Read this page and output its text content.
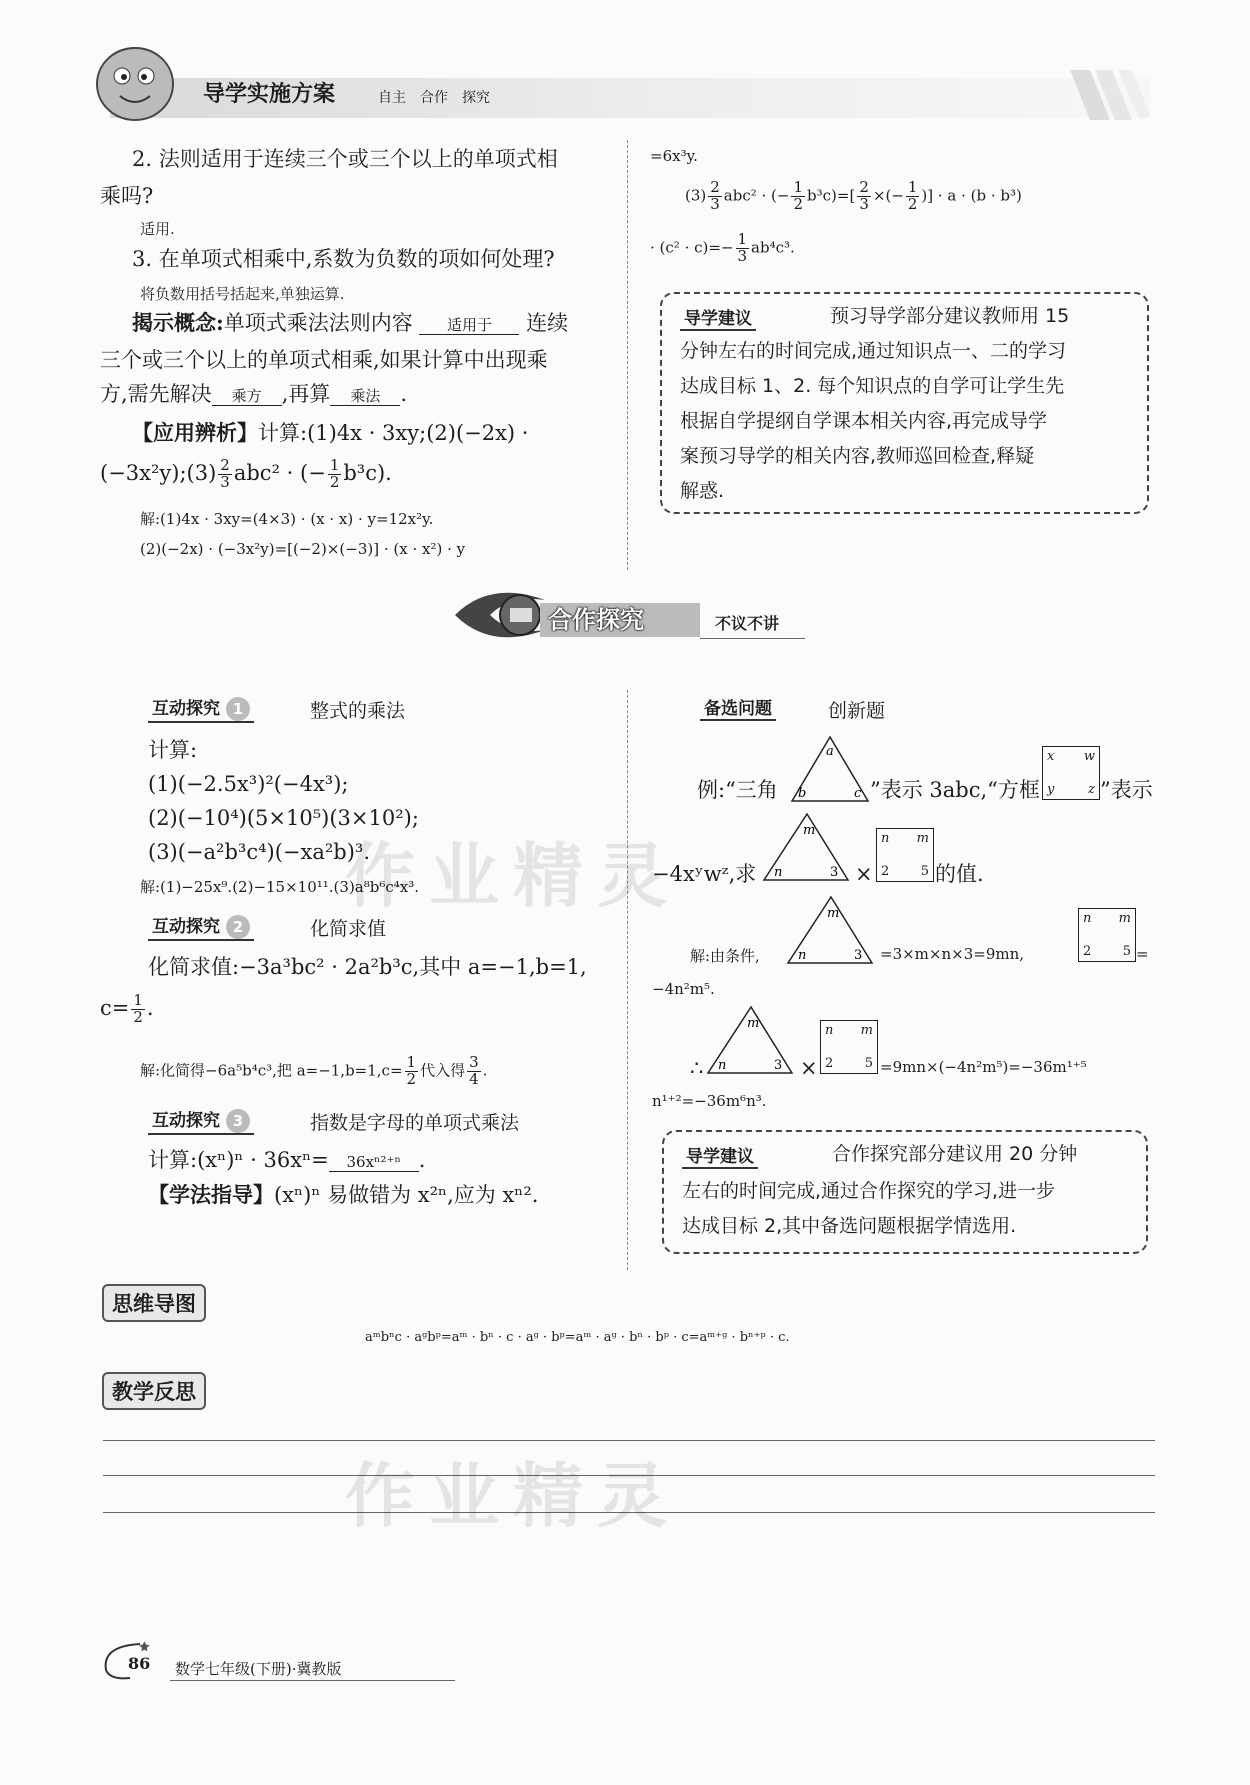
导学实施方案	自主　合作　探究
2. 法则适用于连续三个或三个以上的单项式相
乘吗?
适用.
3. 在单项式相乘中,系数为负数的项如何处理?
将负数用括号括起来,单独运算.
揭示概念:单项式乘法法则内容 适用于 连续
三个或三个以上的单项式相乘,如果计算中出现乘
方,需先解决 乘方 ,再算 乘法 .
【应用辨析】计算:(1)4x · 3xy;(2)(−2x) ·
(−3x²y);(3) $\frac{2}{3} abc^2$ · (− $\frac{1}{2} b^3c$).
解:(1)4x · 3xy=(4×3) · (x · x) · y=12x²y.
(2)(−2x) · (−3x²y)=[(−2)×(−3)] · (x · x²) · y
=6x³y.
$(3) \frac{2}{3} abc^2$ · (− $\frac{1}{2} b^3c)=[ \frac{2}{3}$ ×(− $\frac{1}{2}$ )] · a · (b · b³)
· $(c^2 \cdot c)=- \frac{1}{3} ab^4c^3$.
导学建议	预习导学部分建议教师用 15
分钟左右的时间完成,通过知识点一、二的学习
达成目标 1、2. 每个知识点的自学可让学生先
根据自学提纲自学课本相关内容,再完成导学
案预习导学的相关内容,教师巡回检查,释疑
解惑.
合作探究	不议不讲
互动探究 1	整式的乘法
计算:
(1)(−2.5x³)²(−4x³);
(2)(−10⁴)(5×10⁵)(3×10²);
(3)(−a²b³c⁴)(−xa²b)³.
解:(1)−25x⁹.(2)−15×10¹¹.(3)a⁸b⁶c⁴x³.
互动探究 2	化简求值
化简求值:−3a³bc² · 2a²b³c,其中 a=−1,b=1,
$c= \frac{1}{2}$ .
解:化简得−6a⁵b⁴c³,把 $a=-1,b=1,c= \frac{1}{2}$ 代入得 $\frac{3}{4}$ .
互动探究 3	指数是字母的单项式乘法
计算:(xⁿ)ⁿ · 36xⁿ= 36xⁿ²⁺ⁿ .
【学法指导】(xⁿ)ⁿ 易做错为 x²ⁿ,应为 xⁿ².
备选问题	创新题
例:“三角
a
b	c ”表示 3abc,“方框
x w
y	z ”表示
−4xʸwᶻ,求
m
n	3 ×
n m
2 5 的值.
解:由条件,
m
n	3 =3×m×n×3=9mn,
n m
2 5 =
−4n²m⁵.
∴
m
n	3 ×
n m
2 5 =9mn×(−4n²m⁵)=−36m¹⁺⁵
n¹⁺²=−36m⁶n³.
导学建议	合作探究部分建议用 20 分钟
左右的时间完成,通过合作探究的学习,进一步
达成目标 2,其中备选问题根据学情选用.
思维导图
aᵐbⁿc · aᵍbᵖ=aᵐ · bⁿ · c · aᵍ · bᵖ=aᵐ · aᵍ · bⁿ · bᵖ · c=aᵐ⁺ᵍ · bⁿ⁺ᵖ · c.
教学反思
作业精灵
作业精灵
86 数学七年级(下册)·冀教版
